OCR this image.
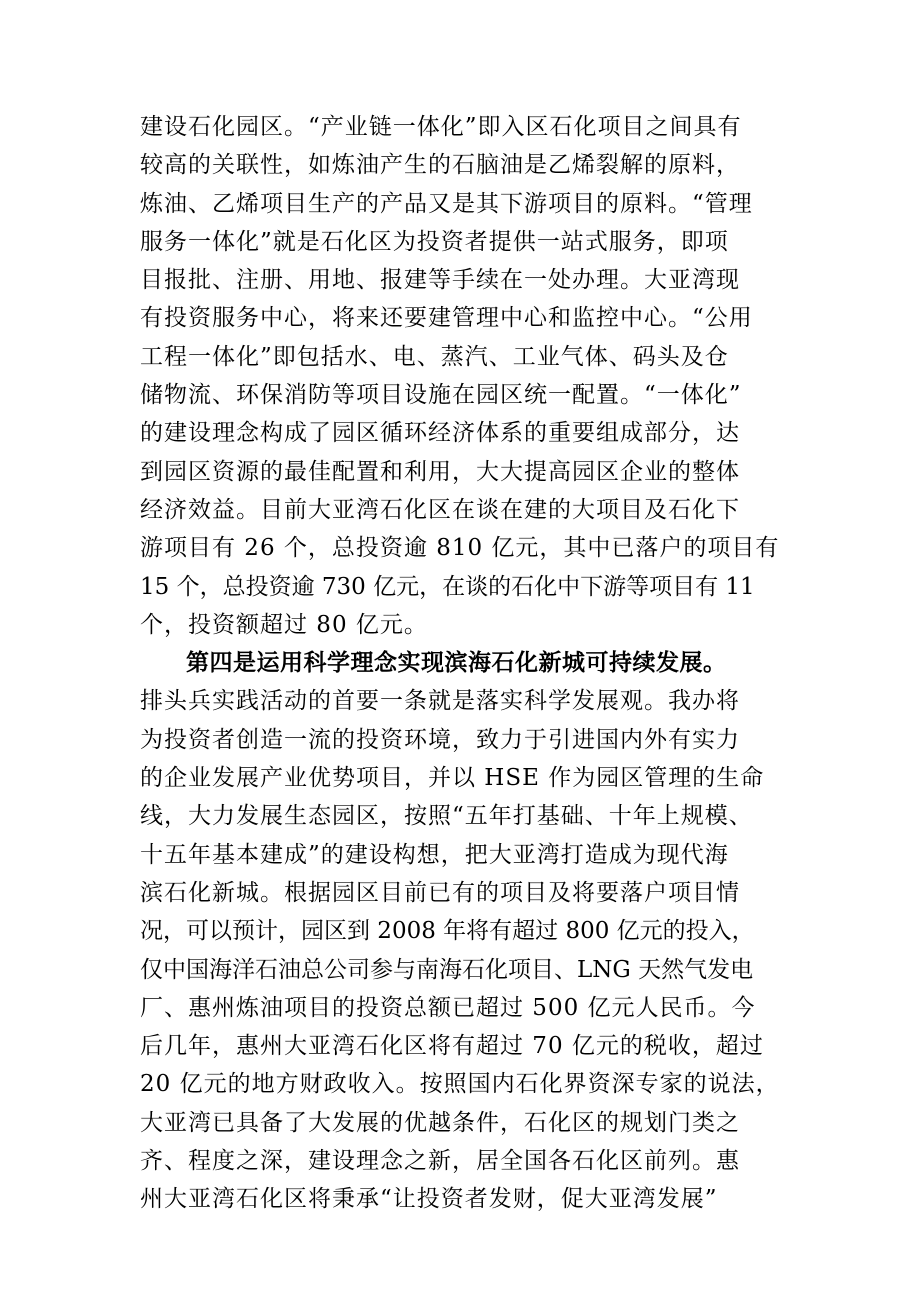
建设石化园区。“产业链一体化”即入区石化项目之间具有
较高的关联性，如炼油产生的石脑油是乙烯裂解的原料，
炼油、乙烯项目生产的产品又是其下游项目的原料。“管理
服务一体化”就是石化区为投资者提供一站式服务，即项
目报批、注册、用地、报建等手续在一处办理。大亚湾现
有投资服务中心，将来还要建管理中心和监控中心。“公用
工程一体化”即包括水、电、蒸汽、工业气体、码头及仓
储物流、环保消防等项目设施在园区统一配置。“一体化”
的建设理念构成了园区循环经济体系的重要组成部分，达
到园区资源的最佳配置和利用，大大提高园区企业的整体
经济效益。目前大亚湾石化区在谈在建的大项目及石化下
游项目有 26 个，总投资逾 810 亿元，其中已落户的项目有
15 个，总投资逾 730 亿元，在谈的石化中下游等项目有 11
个，投资额超过 80 亿元。
第四是运用科学理念实现滨海石化新城可持续发展。
排头兵实践活动的首要一条就是落实科学发展观。我办将
为投资者创造一流的投资环境，致力于引进国内外有实力
的企业发展产业优势项目，并以 HSE 作为园区管理的生命
线，大力发展生态园区，按照“五年打基础、十年上规模、
十五年基本建成”的建设构想，把大亚湾打造成为现代海
滨石化新城。根据园区目前已有的项目及将要落户项目情
况，可以预计，园区到 2008 年将有超过 800 亿元的投入，
仅中国海洋石油总公司参与南海石化项目、LNG 天然气发电
厂、惠州炼油项目的投资总额已超过 500 亿元人民币。今
后几年，惠州大亚湾石化区将有超过 70 亿元的税收，超过
20 亿元的地方财政收入。按照国内石化界资深专家的说法，
大亚湾已具备了大发展的优越条件，石化区的规划门类之
齐、程度之深，建设理念之新，居全国各石化区前列。惠
州大亚湾石化区将秉承“让投资者发财，促大亚湾发展”
